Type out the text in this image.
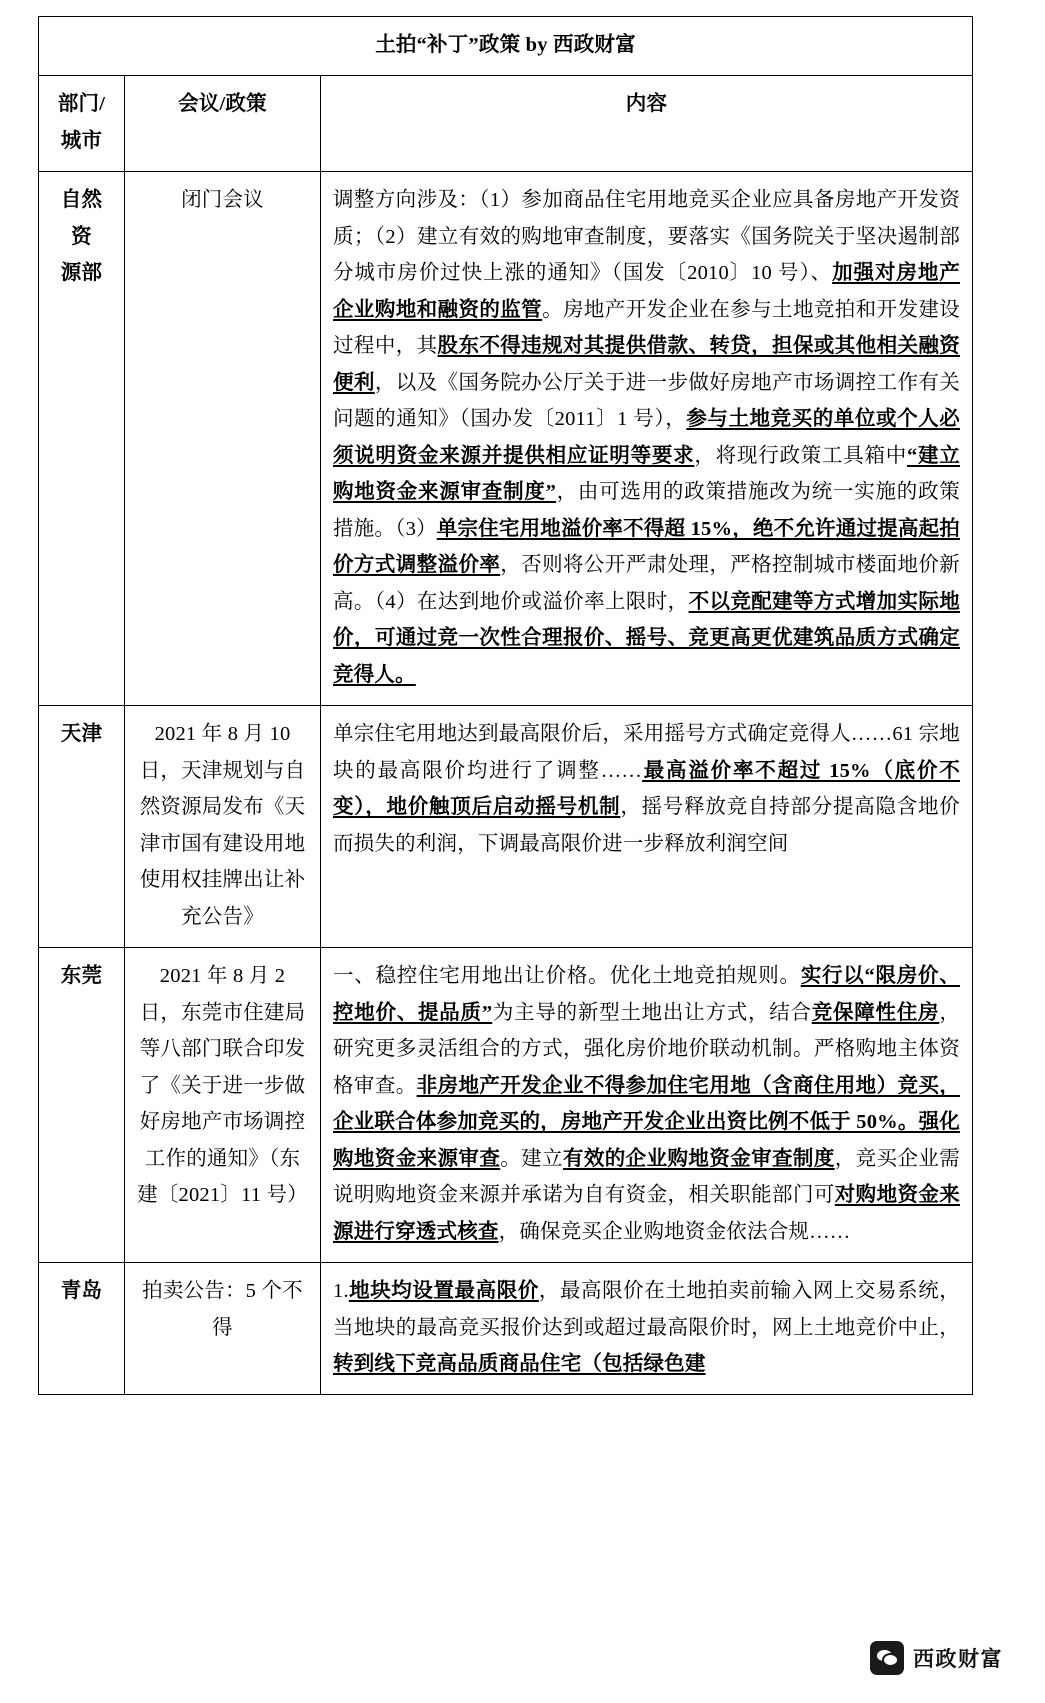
土拍“补丁”政策 by 西政财富		
部门/
城市	会议/政策	内容
自然资
源部	闭门会议	调整方向涉及：（1）参加商品住宅用地竞买企业应具备房地产开发资质；（2）建立有效的购地审查制度，要落实《国务院关于坚决遏制部分城市房价过快上涨的通知》（国发〔2010〕10 号）、加强对房地产企业购地和融资的监管。房地产开发企业在参与土地竞拍和开发建设过程中，其股东不得违规对其提供借款、转贷，担保或其他相关融资便利，以及《国务院办公厅关于进一步做好房地产市场调控工作有关问题的通知》（国办发〔2011〕1 号），参与土地竞买的单位或个人必须说明资金来源并提供相应证明等要求，将现行政策工具箱中“建立购地资金来源审查制度”，由可选用的政策措施改为统一实施的政策措施。（3）单宗住宅用地溢价率不得超 15%，绝不允许通过提高起拍价方式调整溢价率，否则将公开严肃处理，严格控制城市楼面地价新高。（4）在达到地价或溢价率上限时，不以竞配建等方式增加实际地价，可通过竞一次性合理报价、摇号、竞更高更优建筑品质方式确定竞得人。
天津	2021 年 8 月 10 日，天津规划与自然资源局发布《天津市国有建设用地使用权挂牌出让补充公告》	单宗住宅用地达到最高限价后，采用摇号方式确定竞得人……61 宗地块的最高限价均进行了调整……最高溢价率不超过 15%（底价不变），地价触顶后启动摇号机制，摇号释放竞自持部分提高隐含地价而损失的利润，下调最高限价进一步释放利润空间
东莞	2021 年 8 月 2 日，东莞市住建局等八部门联合印发了《关于进一步做好房地产市场调控工作的通知》（东建〔2021〕11 号）	一、稳控住宅用地出让价格。优化土地竞拍规则。实行以“限房价、控地价、提品质”为主导的新型土地出让方式，结合竞保障性住房，研究更多灵活组合的方式，强化房价地价联动机制。严格购地主体资格审查。非房地产开发企业不得参加住宅用地（含商住用地）竞买，企业联合体参加竞买的，房地产开发企业出资比例不低于 50%。强化购地资金来源审查。建立有效的企业购地资金审查制度，竞买企业需说明购地资金来源并承诺为自有资金，相关职能部门可对购地资金来源进行穿透式核查，确保竞买企业购地资金依法合规……
青岛	拍卖公告：5 个不得	1.地块均设置最高限价，最高限价在土地拍卖前输入网上交易系统，当地块的最高竞买报价达到或超过最高限价时，网上土地竞价中止，转到线下竞高品质商品住宅（包括绿色建
西政财富
